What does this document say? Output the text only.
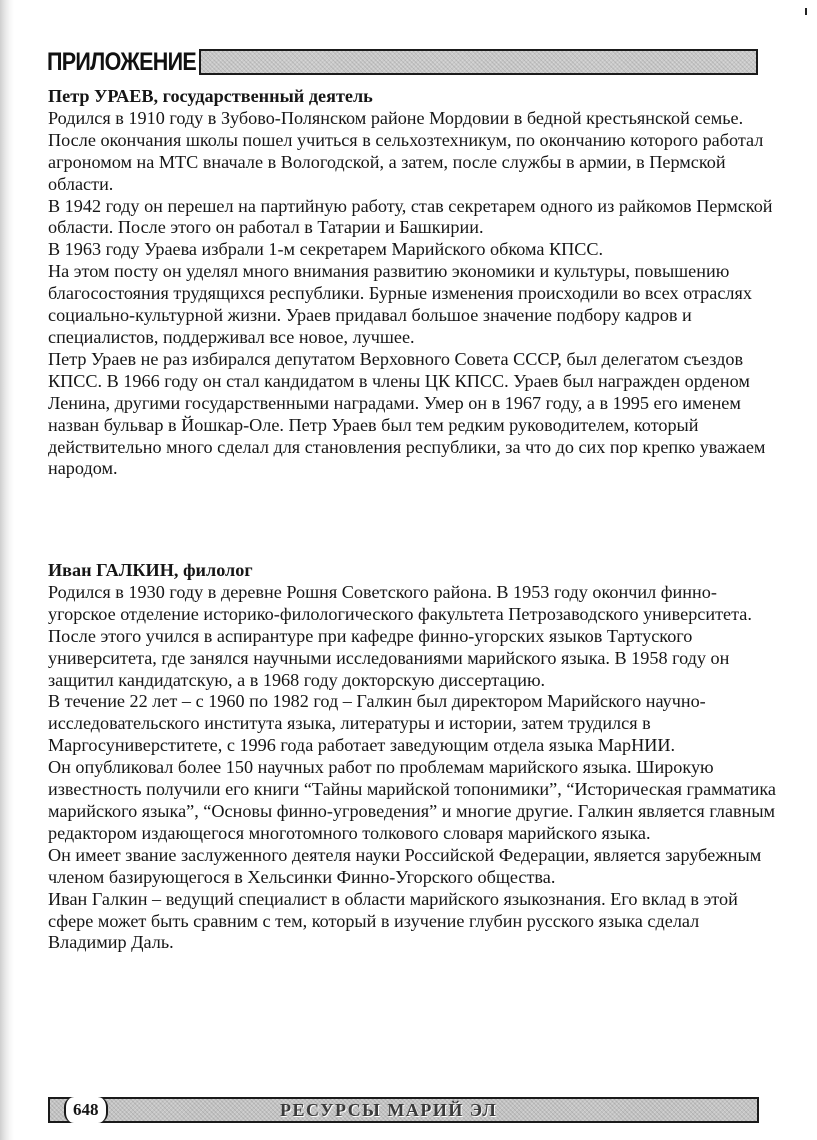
ПРИЛОЖЕНИЕ

Петр УРАЕВ, государственный деятель

Родился в 1910 году в Зубово-Полянском районе Мордовии в бедной крестьянской семье. После окончания школы пошел учиться в сельхозтехникум, по окончанию которого работал агрономом на МТС вначале в Вологодской, а затем, после службы в армии, в Пермской области.

В 1942 году он перешел на партийную работу, став секретарем одного из райкомов Пермской области. После этого он работал в Татарии и Башкирии.

В 1963 году Ураева избрали 1-м секретарем Марийского обкома КПСС.

На этом посту он уделял много внимания развитию экономики и культуры, повышению благосостояния трудящихся республики. Бурные изменения происходили во всех отраслях социально-культурной жизни. Ураев придавал большое значение подбору кадров и специалистов, поддерживал все новое, лучшее.

Петр Ураев не раз избирался депутатом Верховного Совета СССР, был делегатом съездов КПСС. В 1966 году он стал кандидатом в члены ЦК КПСС. Ураев был награжден орденом Ленина, другими государственными наградами. Умер он в 1967 году, а в 1995 его именем назван бульвар в Йошкар-Оле. Петр Ураев был тем редким руководителем, который действительно много сделал для становления республики, за что до сих пор крепко уважаем народом.

Иван ГАЛКИН, филолог

Родился в 1930 году в деревне Рошня Советского района. В 1953 году окончил финно-угорское отделение историко-филологического факультета Петрозаводского университета. После этого учился в аспирантуре при кафедре финно-угорских языков Тартуского университета, где занялся научными исследованиями марийского языка. В 1958 году он защитил кандидатскую, а в 1968 году докторскую диссертацию.

В течение 22 лет – с 1960 по 1982 год – Галкин был директором Марийского научно-исследовательского института языка, литературы и истории, затем трудился в Маргосуниверститете, с 1996 года работает заведующим отдела языка МарНИИ.

Он опубликовал более 150 научных работ по проблемам марийского языка. Широкую известность получили его книги “Тайны марийской топонимики”, “Историческая грамматика марийского языка”, “Основы финно-угроведения” и многие другие. Галкин является главным редактором издающегося многотомного толкового словаря марийского языка.

Он имеет звание заслуженного деятеля науки Российской Федерации, является зарубежным членом базирующегося в Хельсинки Финно-Угорского общества.

Иван Галкин – ведущий специалист в области марийского языкознания. Его вклад в этой сфере может быть сравним с тем, который в изучение глубин русского языка сделал Владимир Даль.

648	РЕСУРСЫ МАРИЙ ЭЛ
